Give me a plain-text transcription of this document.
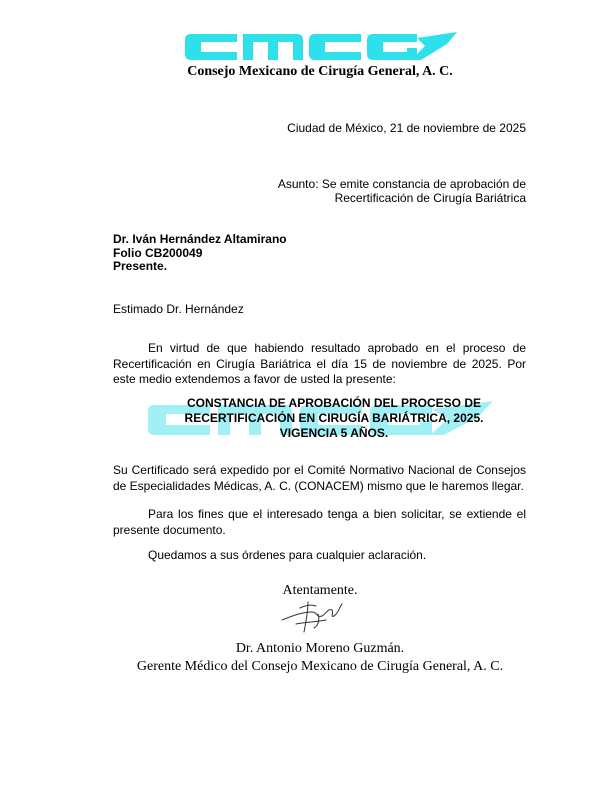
Consejo Mexicano de Cirugía General, A. C.
Ciudad de México, 21 de noviembre de 2025
Asunto: Se emite constancia de aprobación de
Recertificación de Cirugía Bariátrica
Dr. Iván Hernández Altamirano
Folio CB200049
Presente.
Estimado Dr. Hernández
En virtud de que habiendo resultado aprobado en el proceso de Recertificación en Cirugía Bariátrica el día 15 de noviembre de 2025. Por este medio extendemos a favor de usted la presente:
CONSTANCIA DE APROBACIÓN DEL PROCESO DE
RECERTIFICACIÓN EN CIRUGÍA BARIÁTRICA, 2025.
VIGENCIA 5 AÑOS.
Su Certificado será expedido por el Comité Normativo Nacional de Consejos de Especialidades Médicas, A. C. (CONACEM) mismo que le haremos llegar.
Para los fines que el interesado tenga a bien solicitar, se extiende el presente documento.
Quedamos a sus órdenes para cualquier aclaración.
Atentamente.
Dr. Antonio Moreno Guzmán.
Gerente Médico del Consejo Mexicano de Cirugía General, A. C.
